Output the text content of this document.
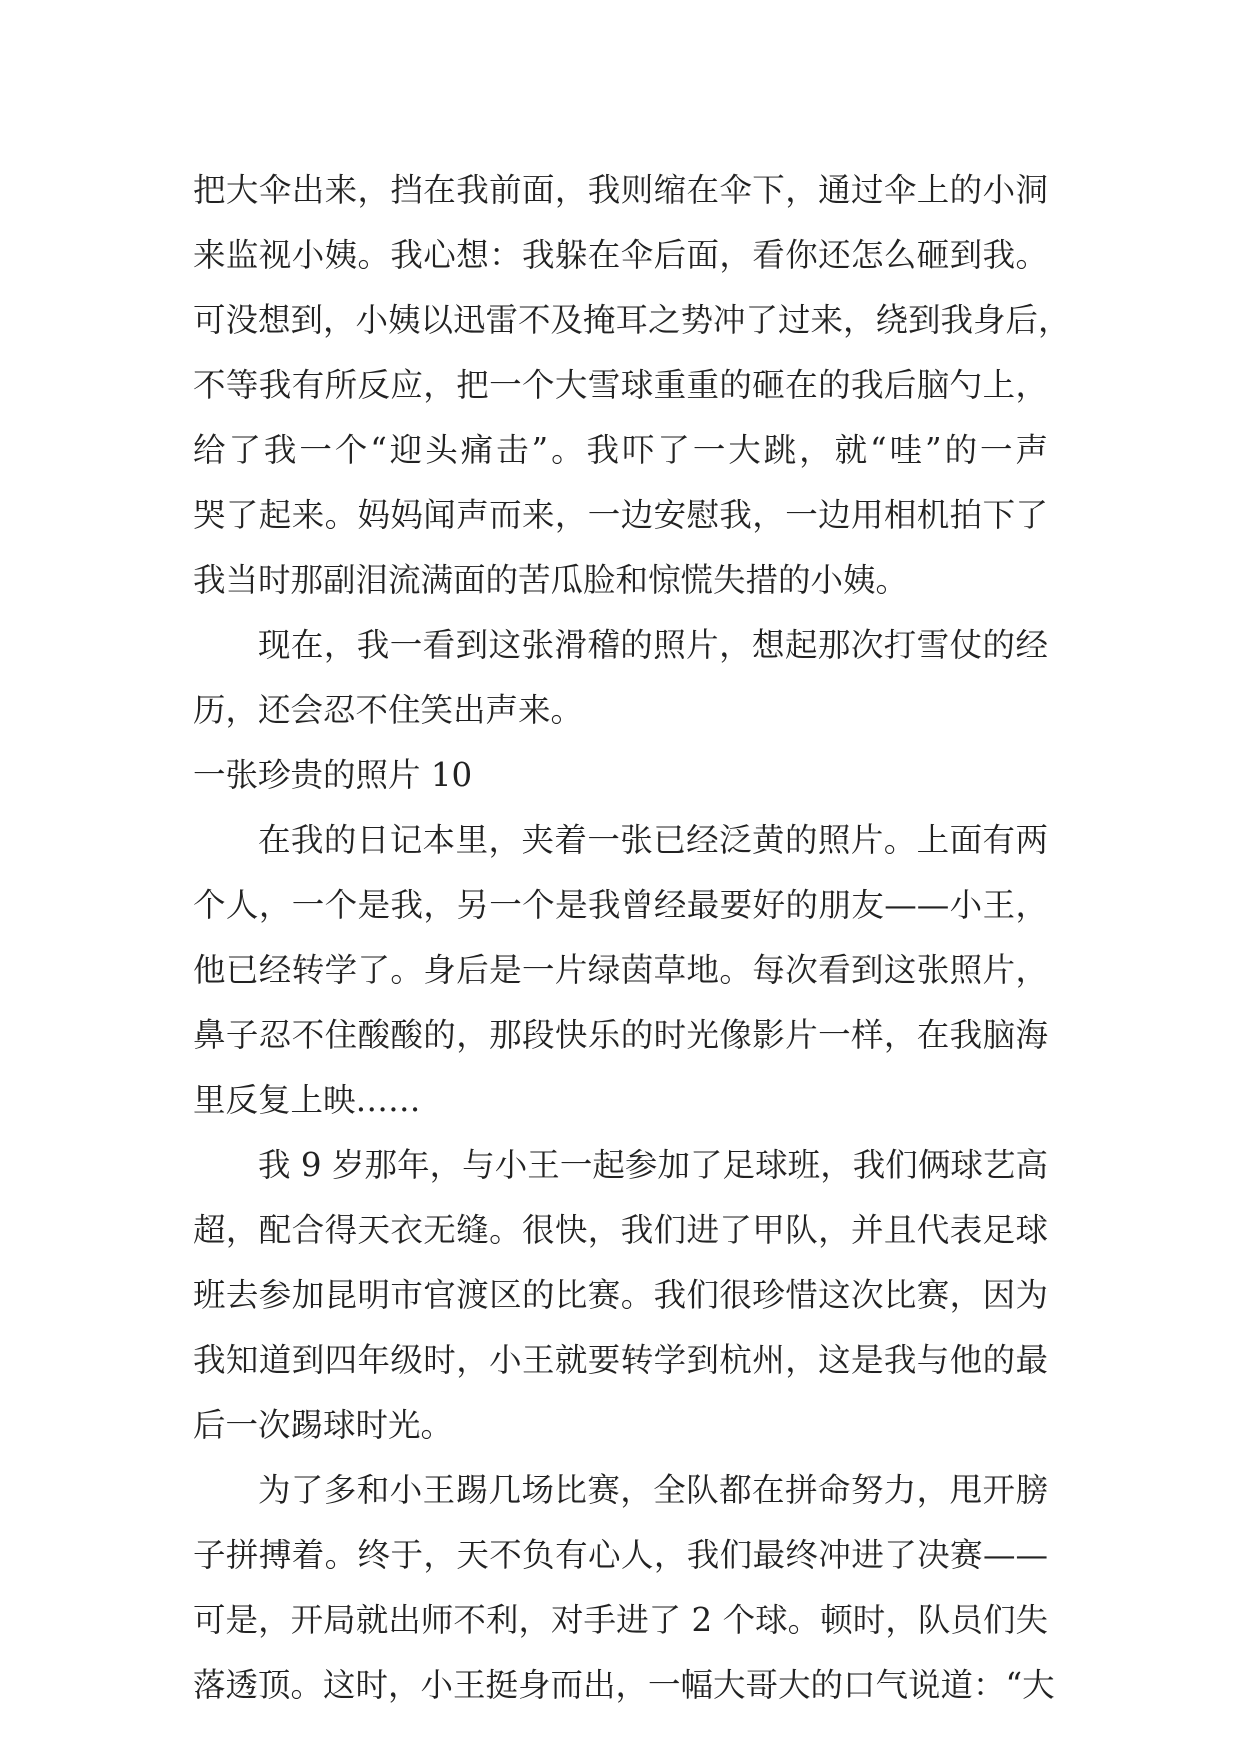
把大伞出来，挡在我前面，我则缩在伞下，通过伞上的小洞
来监视小姨。我心想：我躲在伞后面，看你还怎么砸到我。
可没想到，小姨以迅雷不及掩耳之势冲了过来，绕到我身后，
不等我有所反应，把一个大雪球重重的砸在的我后脑勺上，
给了我一个“迎头痛击”。我吓了一大跳，就“哇”的一声
哭了起来。妈妈闻声而来，一边安慰我，一边用相机拍下了
我当时那副泪流满面的苦瓜脸和惊慌失措的小姨。
现在，我一看到这张滑稽的照片，想起那次打雪仗的经
历，还会忍不住笑出声来。
一张珍贵的照片 10
在我的日记本里，夹着一张已经泛黄的照片。上面有两
个人，一个是我，另一个是我曾经最要好的朋友——小王，
他已经转学了。身后是一片绿茵草地。每次看到这张照片，
鼻子忍不住酸酸的，那段快乐的时光像影片一样，在我脑海
里反复上映……
我 9 岁那年，与小王一起参加了足球班，我们俩球艺高
超，配合得天衣无缝。很快，我们进了甲队，并且代表足球
班去参加昆明市官渡区的比赛。我们很珍惜这次比赛，因为
我知道到四年级时，小王就要转学到杭州，这是我与他的最
后一次踢球时光。
为了多和小王踢几场比赛，全队都在拼命努力，甩开膀
子拼搏着。终于，天不负有心人，我们最终冲进了决赛——
可是，开局就出师不利，对手进了 2 个球。顿时，队员们失
落透顶。这时，小王挺身而出，一幅大哥大的口气说道：“大
